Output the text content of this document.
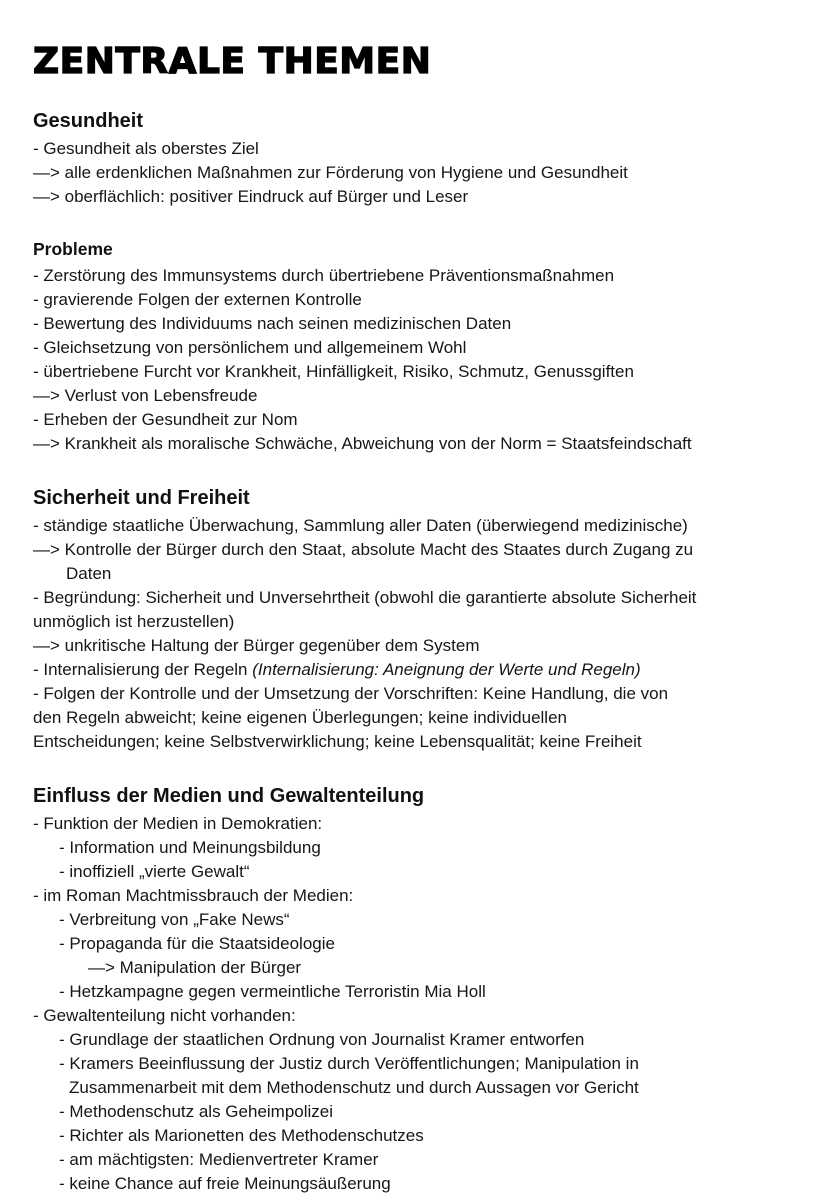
ZENTRALE THEMEN
Gesundheit

- Gesundheit als oberstes Ziel

—> alle erdenklichen Maßnahmen zur Förderung von Hygiene und Gesundheit

—> oberflächlich: positiver Eindruck auf Bürger und Leser

Probleme

- Zerstörung des Immunsystems durch übertriebene Präventionsmaßnahmen

- gravierende Folgen der externen Kontrolle

- Bewertung des Individuums nach seinen medizinischen Daten

- Gleichsetzung von persönlichem und allgemeinem Wohl

- übertriebene Furcht vor Krankheit, Hinfälligkeit, Risiko, Schmutz, Genussgiften

—> Verlust von Lebensfreude

- Erheben der Gesundheit zur Nom

—> Krankheit als moralische Schwäche, Abweichung von der Norm = Staatsfeindschaft

Sicherheit und Freiheit

- ständige staatliche Überwachung, Sammlung aller Daten (überwiegend medizinische)

—> Kontrolle der Bürger durch den Staat, absolute Macht des Staates durch Zugang zu

Daten

- Begründung: Sicherheit und Unversehrtheit (obwohl die garantierte absolute Sicherheit

unmöglich ist herzustellen)

—> unkritische Haltung der Bürger gegenüber dem System

- Internalisierung der Regeln (Internalisierung: Aneignung der Werte und Regeln)

- Folgen der Kontrolle und der Umsetzung der Vorschriften: Keine Handlung, die von

den Regeln abweicht; keine eigenen Überlegungen; keine individuellen

Entscheidungen; keine Selbstverwirklichung; keine Lebensqualität; keine Freiheit

Einfluss der Medien und Gewaltenteilung

- Funktion der Medien in Demokratien:

- Information und Meinungsbildung

- inoffiziell „vierte Gewalt“

- im Roman Machtmissbrauch der Medien:

- Verbreitung von „Fake News“

- Propaganda für die Staatsideologie

—> Manipulation der Bürger

- Hetzkampagne gegen vermeintliche Terroristin Mia Holl

- Gewaltenteilung nicht vorhanden:

- Grundlage der staatlichen Ordnung von Journalist Kramer entworfen

- Kramers Beeinflussung der Justiz durch Veröffentlichungen; Manipulation in

Zusammenarbeit mit dem Methodenschutz und durch Aussagen vor Gericht

- Methodenschutz als Geheimpolizei

- Richter als Marionetten des Methodenschutzes

- am mächtigsten: Medienvertreter Kramer

- keine Chance auf freie Meinungsäußerung
